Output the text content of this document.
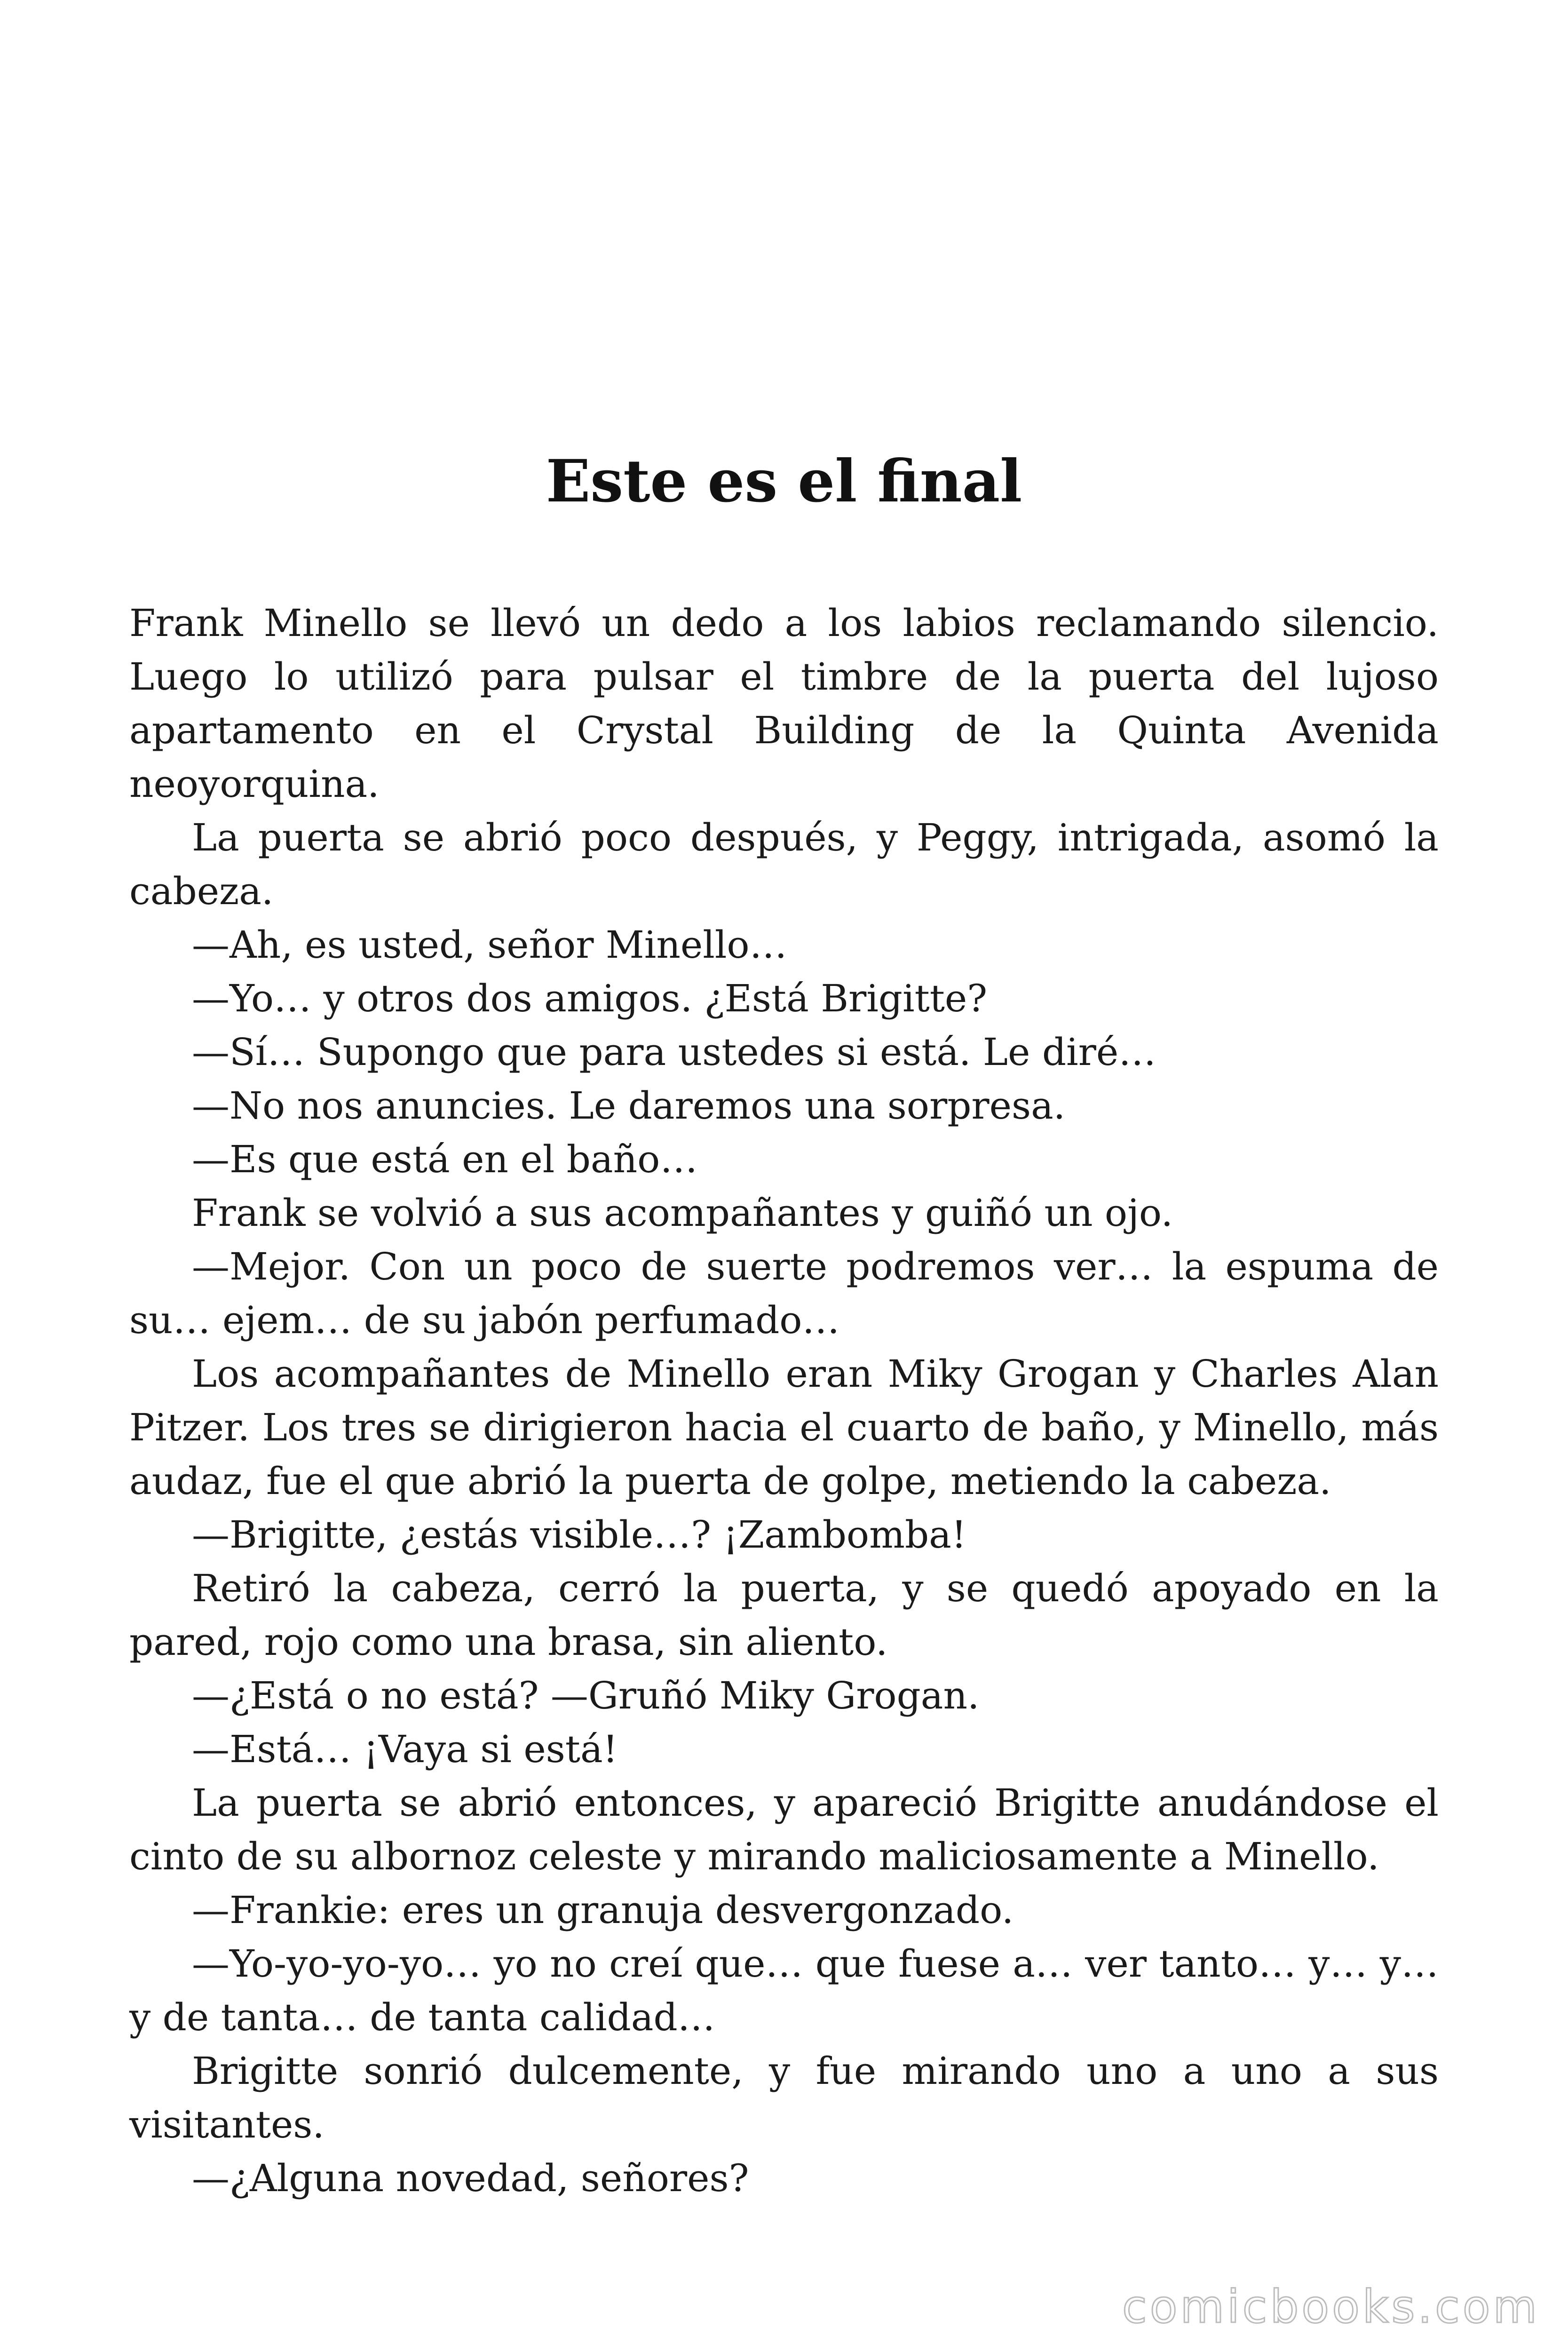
Este es el final

Frank Minello se llevó un dedo a los labios reclamando silencio. Luego lo utilizó para pulsar el timbre de la puerta del lujoso apartamento en el Crystal Building de la Quinta Avenida neoyorquina.

La puerta se abrió poco después, y Peggy, intrigada, asomó la cabeza.

—Ah, es usted, señor Minello…

—Yo… y otros dos amigos. ¿Está Brigitte?

—Sí… Supongo que para ustedes si está. Le diré…

—No nos anuncies. Le daremos una sorpresa.

—Es que está en el baño…

Frank se volvió a sus acompañantes y guiñó un ojo.

—Mejor. Con un poco de suerte podremos ver… la espuma de su… ejem… de su jabón perfumado…

Los acompañantes de Minello eran Miky Grogan y Charles Alan Pitzer. Los tres se dirigieron hacia el cuarto de baño, y Minello, más audaz, fue el que abrió la puerta de golpe, metiendo la cabeza.

—Brigitte, ¿estás visible…? ¡Zambomba!

Retiró la cabeza, cerró la puerta, y se quedó apoyado en la pared, rojo como una brasa, sin aliento.

—¿Está o no está? —Gruñó Miky Grogan.

—Está… ¡Vaya si está!

La puerta se abrió entonces, y apareció Brigitte anudándose el cinto de su albornoz celeste y mirando maliciosamente a Minello.

—Frankie: eres un granuja desvergonzado.

—Yo-yo-yo-yo… yo no creí que… que fuese a… ver tanto… y… y… y de tanta… de tanta calidad…

Brigitte sonrió dulcemente, y fue mirando uno a uno a sus visitantes.

—¿Alguna novedad, señores?

comicbooks.com
